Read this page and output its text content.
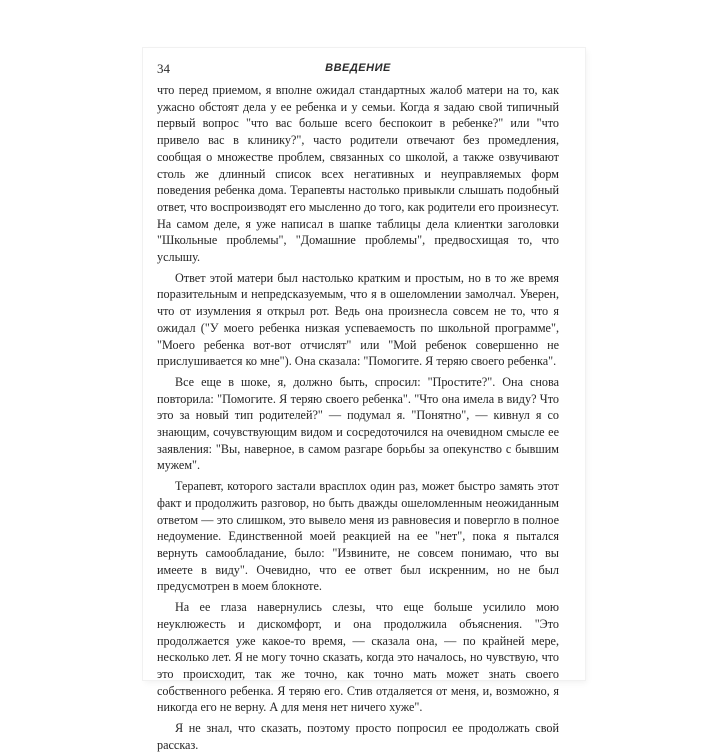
34	ВВЕДЕНИЕ

что перед приемом, я вполне ожидал стандартных жалоб матери на то, как ужасно обстоят дела у ее ребенка и у семьи. Когда я задаю свой типичный первый вопрос "что вас больше всего беспокоит в ребенке?" или "что привело вас в клинику?", часто родители отвечают без промедления, сообщая о множестве проблем, связанных со школой, а также озвучивают столь же длинный список всех негативных и неуправляемых форм поведения ребенка дома. Терапевты настолько привыкли слышать подобный ответ, что воспроизводят его мысленно до того, как родители его произнесут. На самом деле, я уже написал в шапке таблицы дела клиентки заголовки "Школьные проблемы", "Домашние проблемы", предвосхищая то, что услышу.

Ответ этой матери был настолько кратким и простым, но в то же время поразительным и непредсказуемым, что я в ошеломлении замолчал. Уверен, что от изумления я открыл рот. Ведь она произнесла совсем не то, что я ожидал ("У моего ребенка низкая успеваемость по школьной программе", "Моего ребенка вот-вот отчислят" или "Мой ребенок совершенно не прислушивается ко мне"). Она сказала: "Помогите. Я теряю своего ребенка".

Все еще в шоке, я, должно быть, спросил: "Простите?". Она снова повторила: "Помогите. Я теряю своего ребенка". "Что она имела в виду? Что это за новый тип родителей?" — подумал я. "Понятно", — кивнул я со знающим, сочувствующим видом и сосредоточился на очевидном смысле ее заявления: "Вы, наверное, в самом разгаре борьбы за опекунство с бывшим мужем".

Терапевт, которого застали врасплох один раз, может быстро замять этот факт и продолжить разговор, но быть дважды ошеломленным неожиданным ответом — это слишком, это вывело меня из равновесия и повергло в полное недоумение. Единственной моей реакцией на ее "нет", пока я пытался вернуть самообладание, было: "Извините, не совсем понимаю, что вы имеете в виду". Очевидно, что ее ответ был искренним, но не был предусмотрен в моем блокноте.

На ее глаза навернулись слезы, что еще больше усилило мою неуклюжесть и дискомфорт, и она продолжила объяснения. "Это продолжается уже какое-то время, — сказала она, — по крайней мере, несколько лет. Я не могу точно сказать, когда это началось, но чувствую, что это происходит, так же точно, как точно мать может знать своего собственного ребенка. Я теряю его. Стив отдаляется от меня, и, возможно, я никогда его не верну. А для меня нет ничего хуже".

Я не знал, что сказать, поэтому просто попросил ее продолжать свой рассказ.
